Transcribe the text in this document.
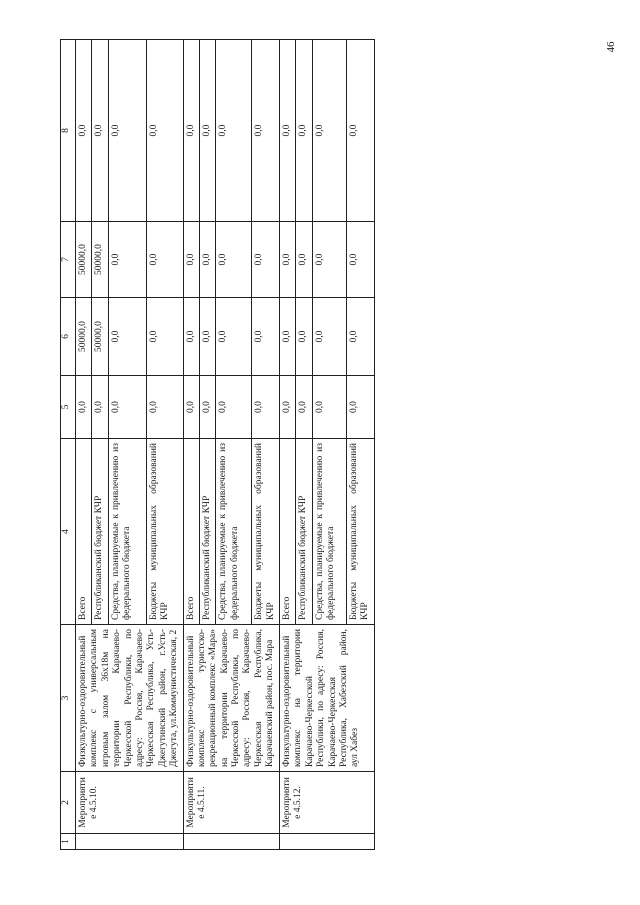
46
1	2	3	4	5	6	7	8
	Мероприятие 4.5.10.	Физкультурно-оздоровительный комплекс с универсальным игровым залом 36х18м на территории Карачаево-Черкесской Республики, по адресу: Россия, Карачаево-Черкесская Республика, Усть-Джегутинский район, г.Усть-Джегута, ул.Коммунистическая, 2	Всего	0,0	50000,0	50000,0	0,0
			Республиканский бюджет КЧР	0,0	50000,0	50000,0	0,0
			Средства, планируемые к привлечению из федерального бюджета	0,0	0,0	0,0	0,0
			Бюджеты муниципальных образований КЧР	0,0	0,0	0,0	0,0
	Мероприятие 4.5.11.	Физкультурно-оздоровительный комплекс туристско-рекреационный комплекс «Мара» на территории Карачаево-Черкесской Республики, по адресу: Россия, Карачаево-Черкесская Республика, Карачаевский район, пос. Мара	Всего	0,0	0,0	0,0	0,0
			Республиканский бюджет КЧР	0,0	0,0	0,0	0,0
			Средства, планируемые к привлечению из федерального бюджета	0,0	0,0	0,0	0,0
			Бюджеты муниципальных образований КЧР	0,0	0,0	0,0	0,0
	Мероприятие 4.5.12.	Физкультурно-оздоровительный комплекс на территории Карачаево-Черкесской Республики, по адресу: Россия, Карачаево-Черкесская Республика, Хабезский район, аул Хабез	Всего	0,0	0,0	0,0	0,0
			Республиканский бюджет КЧР	0,0	0,0	0,0	0,0
			Средства, планируемые к привлечению из федерального бюджета	0,0	0,0	0,0	0,0
			Бюджеты муниципальных образований КЧР	0,0	0,0	0,0	0,0
